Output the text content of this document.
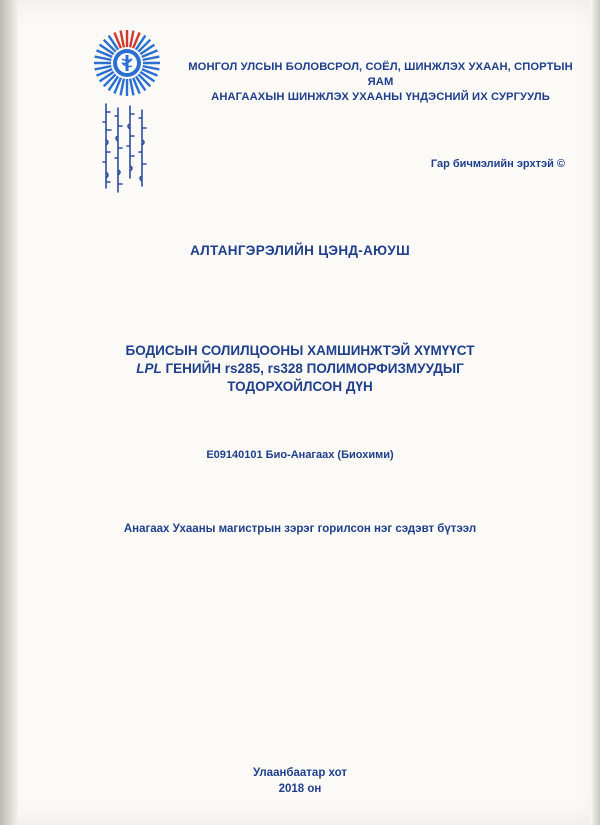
МОНГОЛ УЛСЫН БОЛОВСРОЛ, СОЁЛ, ШИНЖЛЭХ УХААН, СПОРТЫН ЯАМ
АНАГААХЫН ШИНЖЛЭХ УХААНЫ ҮНДЭСНИЙ ИХ СУРГУУЛЬ
Гар бичмэлийн эрхтэй ©
АЛТАНГЭРЭЛИЙН ЦЭНД-АЮУШ
БОДИСЫН СОЛИЛЦООНЫ ХАМШИНЖТЭЙ ХҮМҮҮСТ
LPL ГЕНИЙН rs285, rs328 ПОЛИМОРФИЗМУУДЫГ
ТОДОРХОЙЛСОН ДҮН
E09140101 Био-Анагаах (Биохими)
Анагаах Ухааны магистрын зэрэг горилсон нэг сэдэвт бүтээл
Улаанбаатар хот
2018 он
